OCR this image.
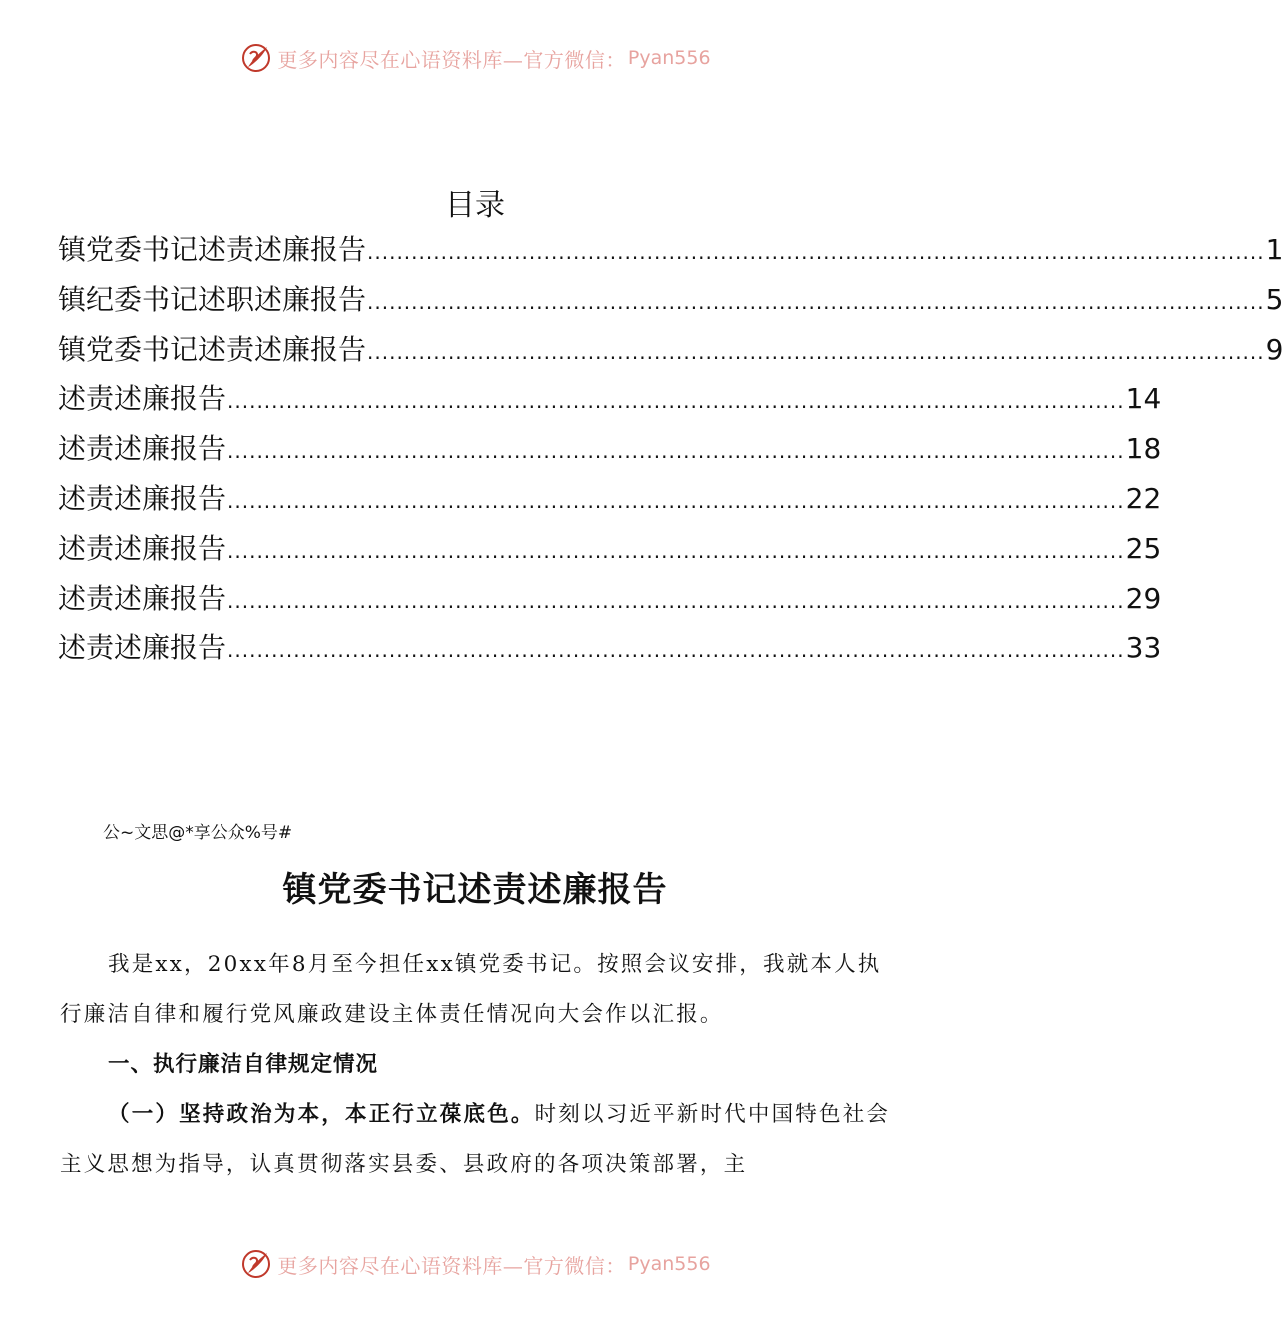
更多内容尽在心语资料库—官方微信： Pyan556
目录
镇党委书记述责述廉报告 .......................................................................................................................... 1
镇纪委书记述职述廉报告 .......................................................................................................................... 5
镇党委书记述责述廉报告 .......................................................................................................................... 9
述责述廉报告 .......................................................................................................................... 14
述责述廉报告 .......................................................................................................................... 18
述责述廉报告 .......................................................................................................................... 22
述责述廉报告 .......................................................................................................................... 25
述责述廉报告 .......................................................................................................................... 29
述责述廉报告 .......................................................................................................................... 33
公~文思@*享公众%号#
镇党委书记述责述廉报告
我是xx，20xx年8月至今担任xx镇党委书记。按照会议安排，我就本人执行廉洁自律和履行党风廉政建设主体责任情况向大会作以汇报。
一、执行廉洁自律规定情况
（一）坚持政治为本，本正行立葆底色。时刻以习近平新时代中国特色社会主义思想为指导，认真贯彻落实县委、县政府的各项决策部署，主
更多内容尽在心语资料库—官方微信： Pyan556
